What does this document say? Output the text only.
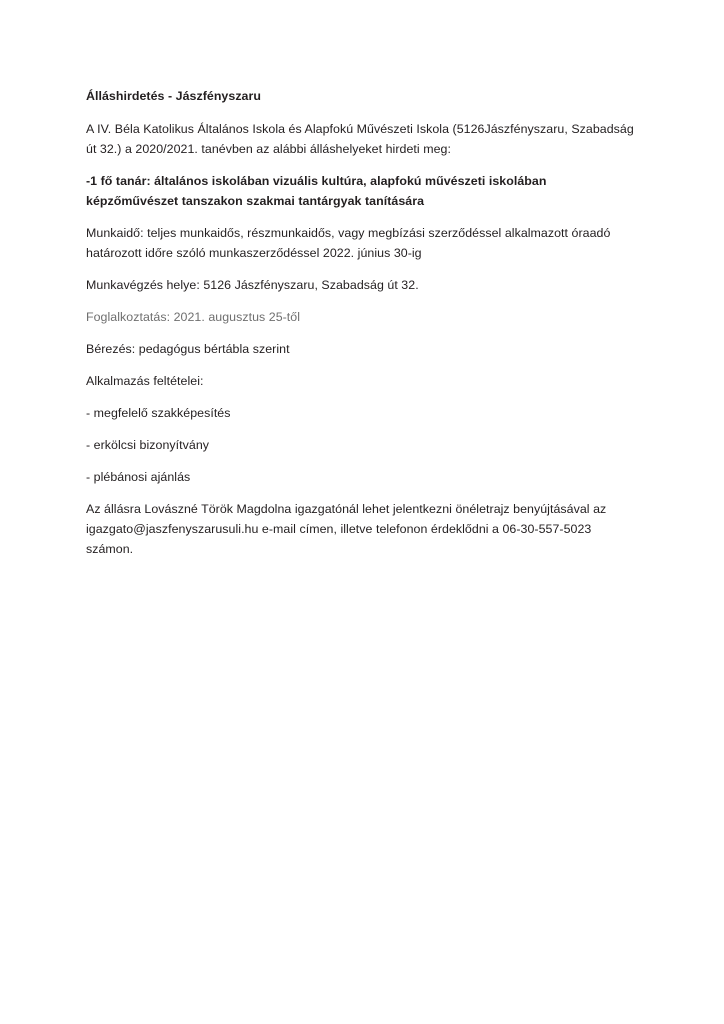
Álláshirdetés - Jászfényszaru

A IV. Béla Katolikus Általános Iskola és Alapfokú Művészeti Iskola (5126Jászfényszaru, Szabadság út 32.) a 2020/2021. tanévben az alábbi álláshelyeket hirdeti meg:

-1 fő tanár: általános iskolában vizuális kultúra, alapfokú művészeti iskolában képzőművészet tanszakon szakmai tantárgyak tanítására

Munkaidő: teljes munkaidős, részmunkaidős, vagy megbízási szerződéssel alkalmazott óraadó határozott időre szóló munkaszerződéssel 2022. június 30-ig

Munkavégzés helye: 5126 Jászfényszaru, Szabadság út 32.

Foglalkoztatás: 2021. augusztus 25-től

Bérezés: pedagógus bértábla szerint

Alkalmazás feltételei:

- megfelelő szakképesítés

- erkölcsi bizonyítvány

- plébánosi ajánlás

Az állásra Lovászné Török Magdolna igazgatónál lehet jelentkezni önéletrajz benyújtásával az igazgato@jaszfenyszarusuli.hu e-mail címen, illetve telefonon érdeklődni a 06-30-557-5023 számon.
